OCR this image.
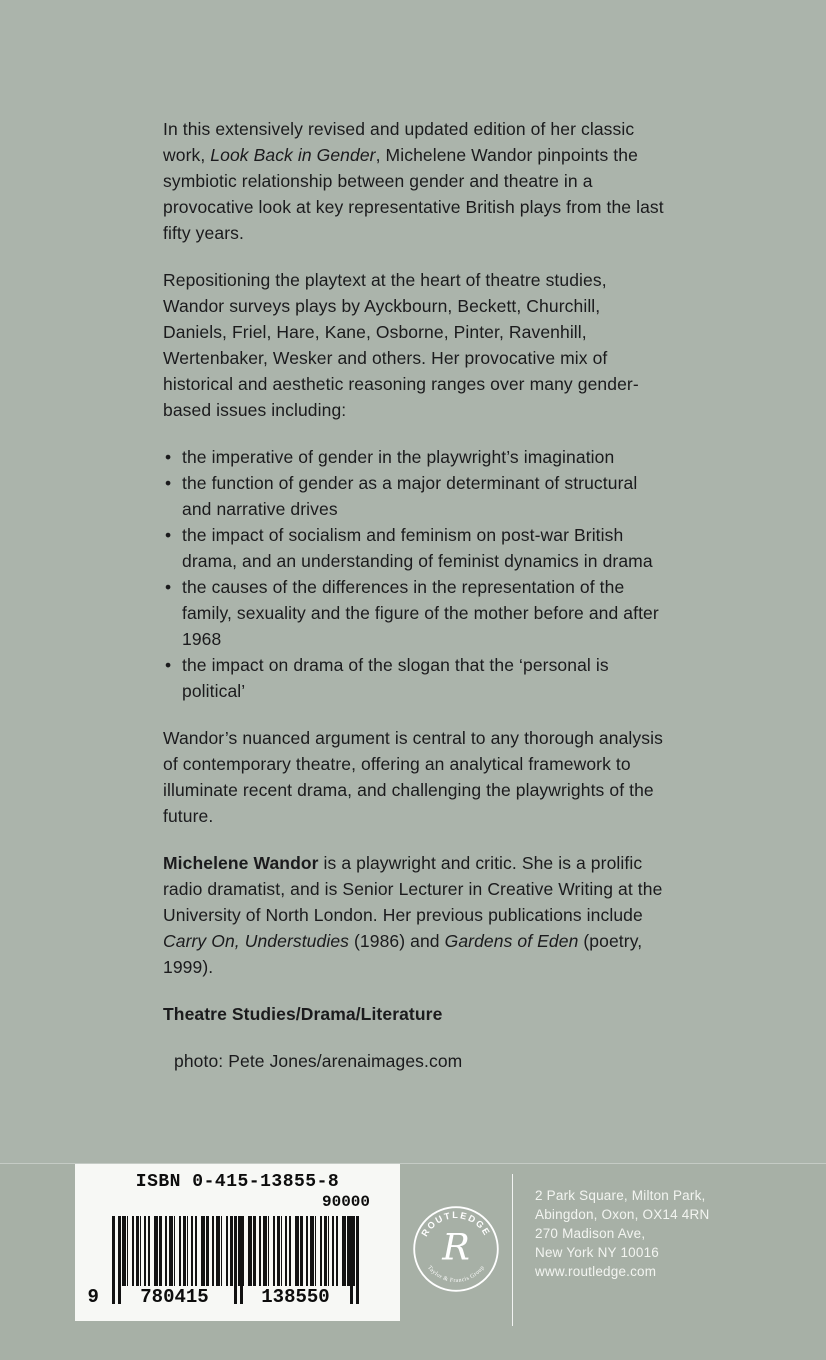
In this extensively revised and updated edition of her classic work, Look Back in Gender, Michelene Wandor pinpoints the symbiotic relationship between gender and theatre in a provocative look at key representative British plays from the last fifty years.

Repositioning the playtext at the heart of theatre studies, Wandor surveys plays by Ayckbourn, Beckett, Churchill, Daniels, Friel, Hare, Kane, Osborne, Pinter, Ravenhill, Wertenbaker, Wesker and others. Her provocative mix of historical and aesthetic reasoning ranges over many gender-based issues including:

• the imperative of gender in the playwright’s imagination
• the function of gender as a major determinant of structural and narrative drives
• the impact of socialism and feminism on post-war British drama, and an understanding of feminist dynamics in drama
• the causes of the differences in the representation of the family, sexuality and the figure of the mother before and after 1968
• the impact on drama of the slogan that the ‘personal is political’

Wandor’s nuanced argument is central to any thorough analysis of contemporary theatre, offering an analytical framework to illuminate recent drama, and challenging the playwrights of the future.

Michelene Wandor is a playwright and critic. She is a prolific radio dramatist, and is Senior Lecturer in Creative Writing at the University of North London. Her previous publications include Carry On, Understudies (1986) and Gardens of Eden (poetry, 1999).

Theatre Studies/Drama/Literature

photo: Pete Jones/arenaimages.com

ISBN 0-415-13855-8
90000
9	780415	138550
ROUTLEDGE
R
Taylor & Francis Group
2 Park Square, Milton Park,
Abingdon, Oxon, OX14 4RN
270 Madison Ave,
New York NY 10016
www.routledge.com
